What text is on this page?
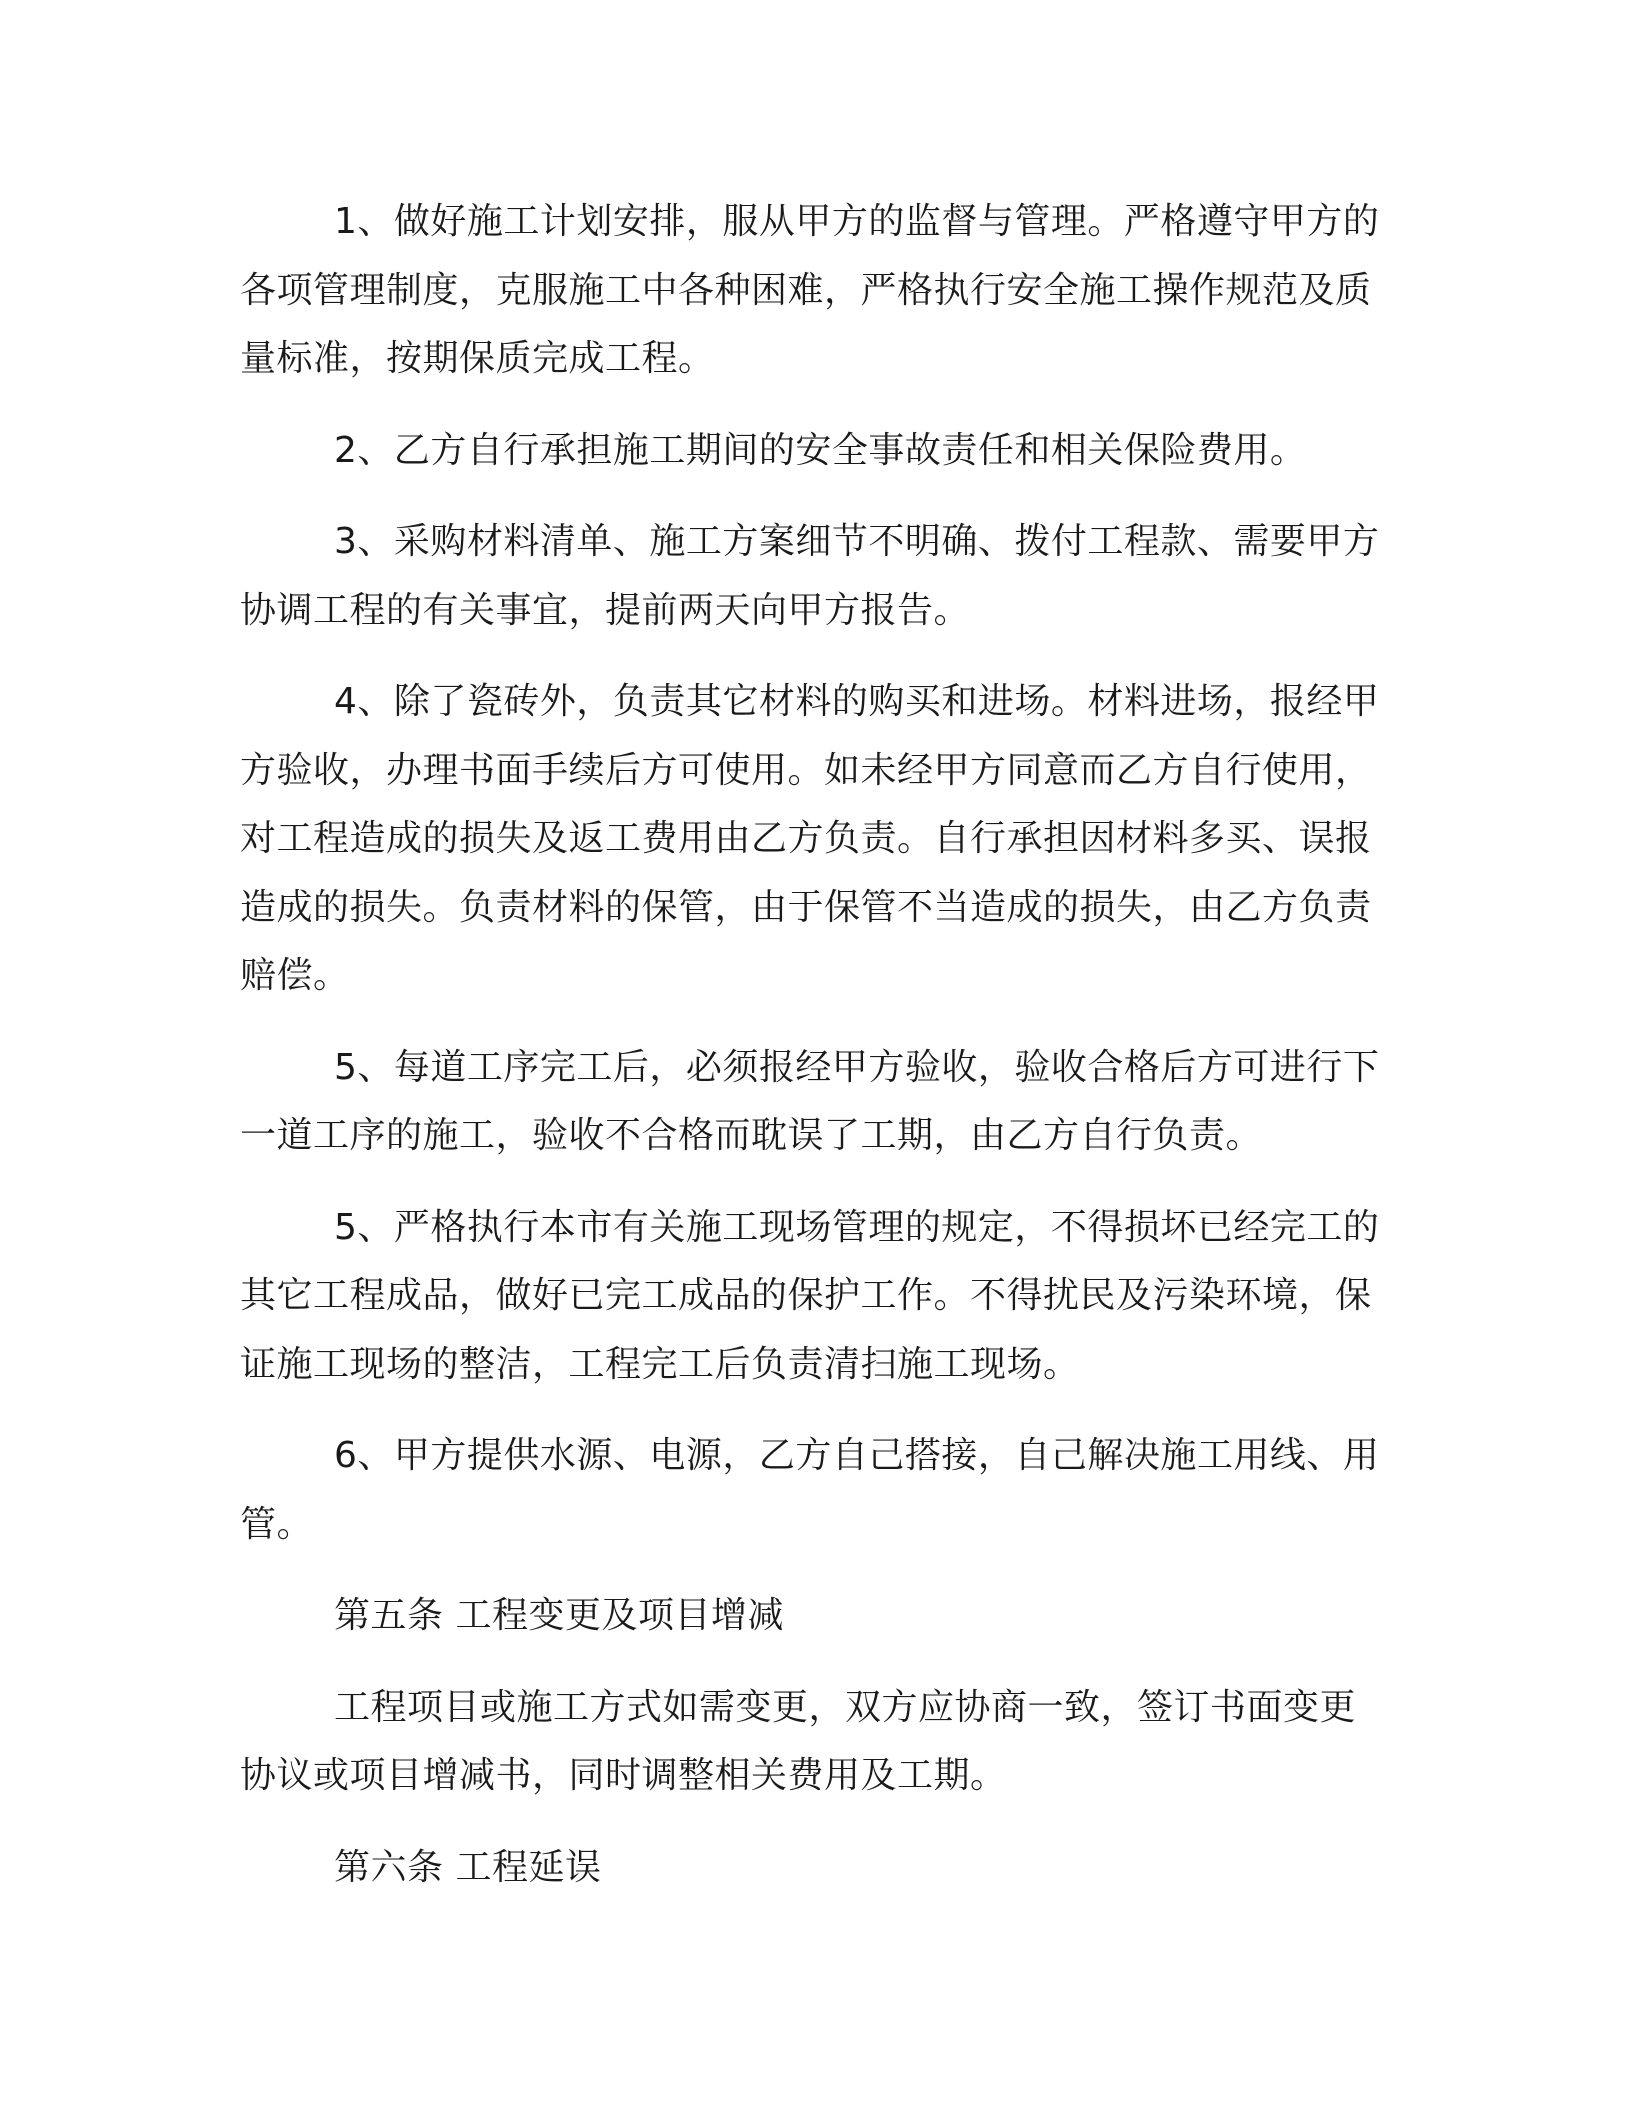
1、做好施工计划安排，服从甲方的监督与管理。严格遵守甲方的各项管理制度，克服施工中各种困难，严格执行安全施工操作规范及质量标准，按期保质完成工程。

2、乙方自行承担施工期间的安全事故责任和相关保险费用。

3、采购材料清单、施工方案细节不明确、拨付工程款、需要甲方协调工程的有关事宜，提前两天向甲方报告。

4、除了瓷砖外，负责其它材料的购买和进场。材料进场，报经甲方验收，办理书面手续后方可使用。如未经甲方同意而乙方自行使用，对工程造成的损失及返工费用由乙方负责。自行承担因材料多买、误报造成的损失。负责材料的保管，由于保管不当造成的损失，由乙方负责赔偿。

5、每道工序完工后，必须报经甲方验收，验收合格后方可进行下一道工序的施工，验收不合格而耽误了工期，由乙方自行负责。

5、严格执行本市有关施工现场管理的规定，不得损坏已经完工的其它工程成品，做好已完工成品的保护工作。不得扰民及污染环境，保证施工现场的整洁，工程完工后负责清扫施工现场。

6、甲方提供水源、电源，乙方自己搭接，自己解决施工用线、用管。

第五条 工程变更及项目增减

工程项目或施工方式如需变更，双方应协商一致，签订书面变更协议或项目增减书，同时调整相关费用及工期。

第六条 工程延误
